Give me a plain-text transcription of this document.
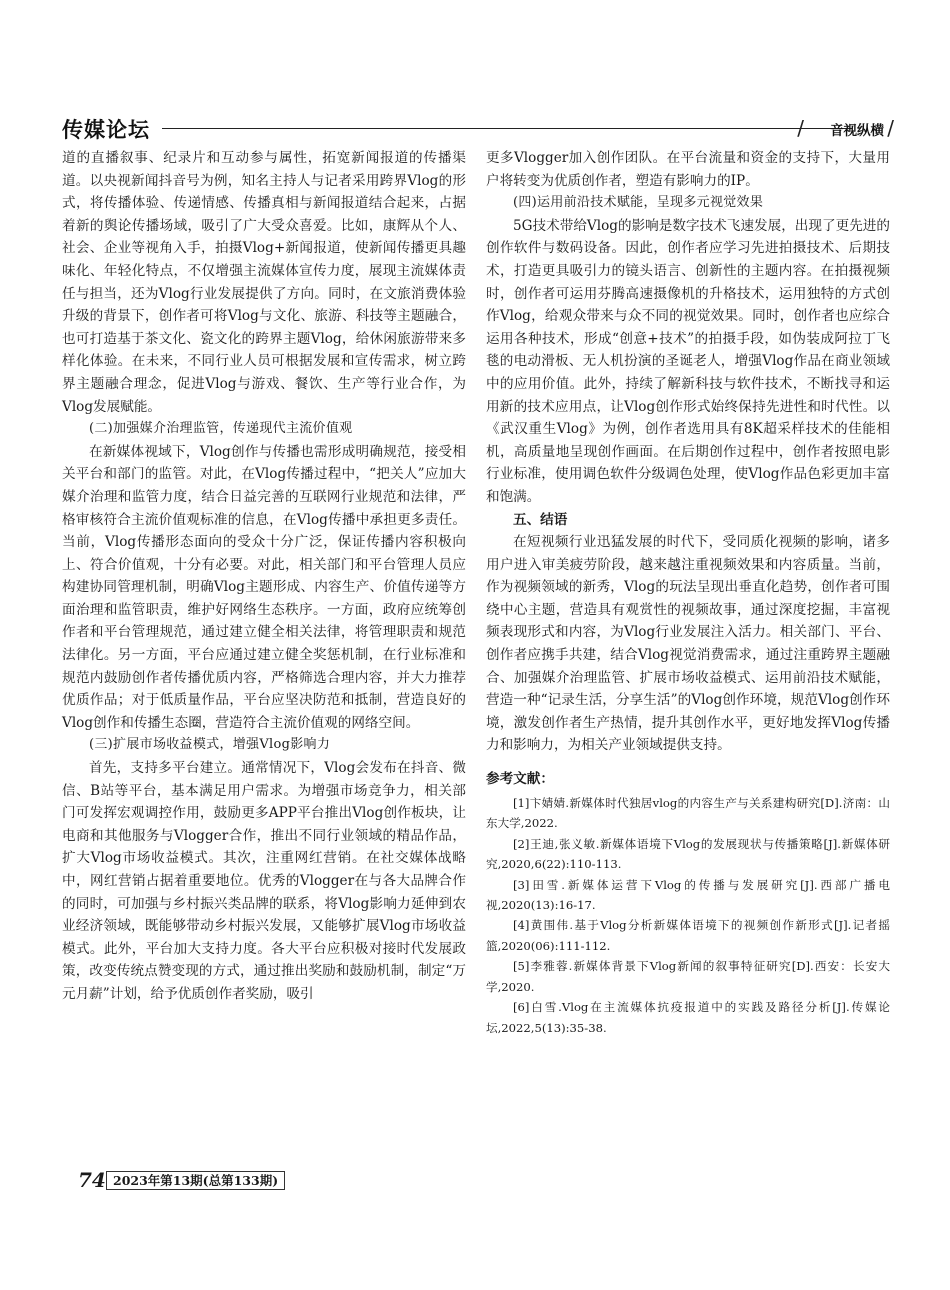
传媒论坛	/ 音视纵横 /

道的直播叙事、纪录片和互动参与属性，拓宽新闻报道的传播渠道。以央视新闻抖音号为例，知名主持人与记者采用跨界Vlog的形式，将传播体验、传递情感、传播真相与新闻报道结合起来，占据着新的舆论传播场域，吸引了广大受众喜爱。比如，康辉从个人、社会、企业等视角入手，拍摄Vlog+新闻报道，使新闻传播更具趣味化、年轻化特点，不仅增强主流媒体宣传力度，展现主流媒体责任与担当，还为Vlog行业发展提供了方向。同时，在文旅消费体验升级的背景下，创作者可将Vlog与文化、旅游、科技等主题融合，也可打造基于茶文化、瓷文化的跨界主题Vlog，给休闲旅游带来多样化体验。在未来，不同行业人员可根据发展和宣传需求，树立跨界主题融合理念，促进Vlog与游戏、餐饮、生产等行业合作，为Vlog发展赋能。

(二)加强媒介治理监管，传递现代主流价值观

在新媒体视域下，Vlog创作与传播也需形成明确规范，接受相关平台和部门的监管。对此，在Vlog传播过程中，“把关人”应加大媒介治理和监管力度，结合日益完善的互联网行业规范和法律，严格审核符合主流价值观标准的信息，在Vlog传播中承担更多责任。当前，Vlog传播形态面向的受众十分广泛，保证传播内容积极向上、符合价值观，十分有必要。对此，相关部门和平台管理人员应构建协同管理机制，明确Vlog主题形成、内容生产、价值传递等方面治理和监管职责，维护好网络生态秩序。一方面，政府应统筹创作者和平台管理规范，通过建立健全相关法律，将管理职责和规范法律化。另一方面，平台应通过建立健全奖惩机制，在行业标准和规范内鼓励创作者传播优质内容，严格筛选合理内容，并大力推荐优质作品；对于低质量作品，平台应坚决防范和抵制，营造良好的Vlog创作和传播生态圈，营造符合主流价值观的网络空间。

(三)扩展市场收益模式，增强Vlog影响力

首先，支持多平台建立。通常情况下，Vlog会发布在抖音、微信、B站等平台，基本满足用户需求。为增强市场竞争力，相关部门可发挥宏观调控作用，鼓励更多APP平台推出Vlog创作板块，让电商和其他服务与Vlogger合作，推出不同行业领域的精品作品，扩大Vlog市场收益模式。其次，注重网红营销。在社交媒体战略中，网红营销占据着重要地位。优秀的Vlogger在与各大品牌合作的同时，可加强与乡村振兴类品牌的联系，将Vlog影响力延伸到农业经济领域，既能够带动乡村振兴发展，又能够扩展Vlog市场收益模式。此外，平台加大支持力度。各大平台应积极对接时代发展政策，改变传统点赞变现的方式，通过推出奖励和鼓励机制，制定“万元月薪”计划，给予优质创作者奖励，吸引

更多Vlogger加入创作团队。在平台流量和资金的支持下，大量用户将转变为优质创作者，塑造有影响力的IP。

(四)运用前沿技术赋能，呈现多元视觉效果

5G技术带给Vlog的影响是数字技术飞速发展，出现了更先进的创作软件与数码设备。因此，创作者应学习先进拍摄技术、后期技术，打造更具吸引力的镜头语言、创新性的主题内容。在拍摄视频时，创作者可运用芬腾高速摄像机的升格技术，运用独特的方式创作Vlog，给观众带来与众不同的视觉效果。同时，创作者也应综合运用各种技术，形成“创意+技术”的拍摄手段，如伪装成阿拉丁飞毯的电动滑板、无人机扮演的圣诞老人，增强Vlog作品在商业领域中的应用价值。此外，持续了解新科技与软件技术，不断找寻和运用新的技术应用点，让Vlog创作形式始终保持先进性和时代性。以《武汉重生Vlog》为例，创作者选用具有8K超采样技术的佳能相机，高质量地呈现创作画面。在后期创作过程中，创作者按照电影行业标准，使用调色软件分级调色处理，使Vlog作品色彩更加丰富和饱满。

五、结语

在短视频行业迅猛发展的时代下，受同质化视频的影响，诸多用户进入审美疲劳阶段，越来越注重视频效果和内容质量。当前，作为视频领域的新秀，Vlog的玩法呈现出垂直化趋势，创作者可围绕中心主题，营造具有观赏性的视频故事，通过深度挖掘，丰富视频表现形式和内容，为Vlog行业发展注入活力。相关部门、平台、创作者应携手共建，结合Vlog视觉消费需求，通过注重跨界主题融合、加强媒介治理监管、扩展市场收益模式、运用前沿技术赋能，营造一种“记录生活，分享生活”的Vlog创作环境，规范Vlog创作环境，激发创作者生产热情，提升其创作水平，更好地发挥Vlog传播力和影响力，为相关产业领域提供支持。

参考文献：

[1]卞婧婧.新媒体时代独居vlog的内容生产与关系建构研究[D].济南：山东大学,2022.

[2]王迪,张义敏.新媒体语境下Vlog的发展现状与传播策略[J].新媒体研究,2020,6(22):110-113.

[3]田雪.新媒体运营下Vlog的传播与发展研究[J].西部广播电视,2020(13):16-17.

[4]黄围伟.基于Vlog分析新媒体语境下的视频创作新形式[J].记者摇篮,2020(06):111-112.

[5]李雅蓉.新媒体背景下Vlog新闻的叙事特征研究[D].西安：长安大学,2020.

[6]白雪.Vlog在主流媒体抗疫报道中的实践及路径分析[J].传媒论坛,2022,5(13):35-38.

74 2023年第13期(总第133期)
